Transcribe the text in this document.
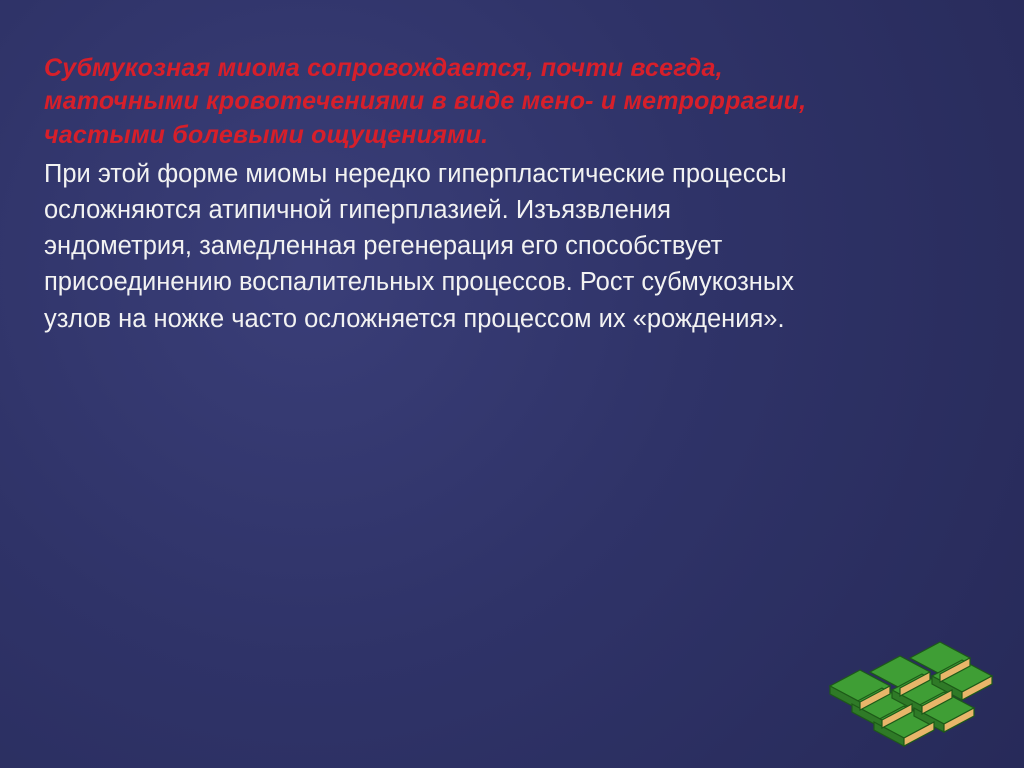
Субмукозная миома сопровождается, почти всегда,
маточными кровотечениями в виде мено- и метроррагии,
частыми болевыми ощущениями.

При этой форме миомы нередко гиперпластические процессы
осложняются атипичной гиперплазией. Изъязвления
эндометрия, замедленная регенерация его способствует
присоединению воспалительных процессов. Рост субмукозных
узлов на ножке часто осложняется процессом их «рождения».
